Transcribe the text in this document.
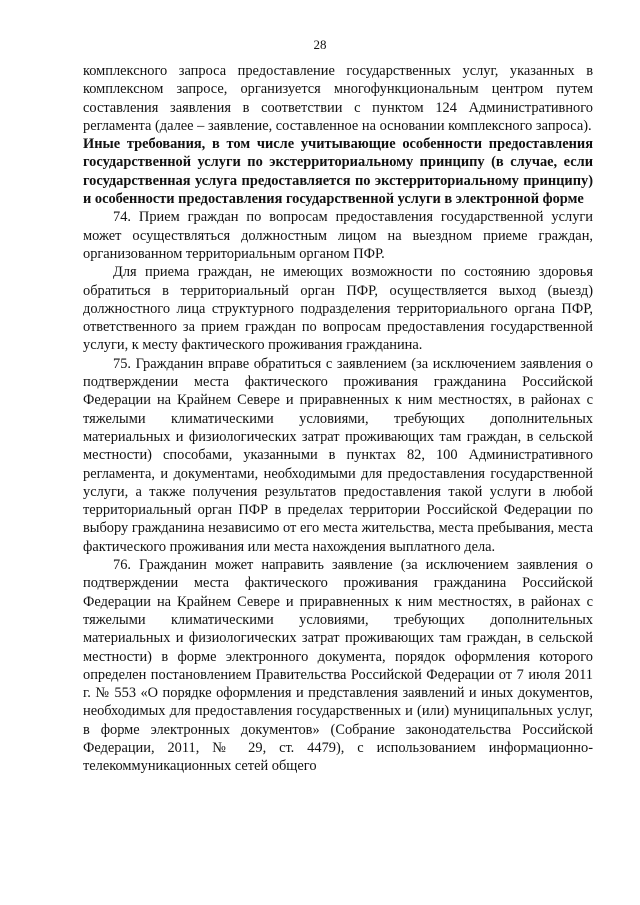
28

комплексного запроса предоставление государственных услуг, указанных в комплексном запросе, организуется многофункциональным центром путем составления заявления в соответствии с пунктом 124 Административного регламента (далее – заявление, составленное на основании комплексного запроса).

Иные требования, в том числе учитывающие особенности предоставления государственной услуги по экстерриториальному принципу (в случае, если государственная услуга предоставляется по экстерриториальному принципу) и особенности предоставления государственной услуги в электронной форме

74. Прием граждан по вопросам предоставления государственной услуги может осуществляться должностным лицом на выездном приеме граждан, организованном территориальным органом ПФР.

Для приема граждан, не имеющих возможности по состоянию здоровья обратиться в территориальный орган ПФР, осуществляется выход (выезд) должностного лица структурного подразделения территориального органа ПФР, ответственного за прием граждан по вопросам предоставления государственной услуги, к месту фактического проживания гражданина.

75. Гражданин вправе обратиться с заявлением (за исключением заявления о подтверждении места фактического проживания гражданина Российской Федерации на Крайнем Севере и приравненных к ним местностях, в районах с тяжелыми климатическими условиями, требующих дополнительных материальных и физиологических затрат проживающих там граждан, в сельской местности) способами, указанными в пунктах 82, 100 Административного регламента, и документами, необходимыми для предоставления государственной услуги, а также получения результатов предоставления такой услуги в любой территориальный орган ПФР в пределах территории Российской Федерации по выбору гражданина независимо от его места жительства, места пребывания, места фактического проживания или места нахождения выплатного дела.

76. Гражданин может направить заявление (за исключением заявления о подтверждении места фактического проживания гражданина Российской Федерации на Крайнем Севере и приравненных к ним местностях, в районах с тяжелыми климатическими условиями, требующих дополнительных материальных и физиологических затрат проживающих там граждан, в сельской местности) в форме электронного документа, порядок оформления которого определен постановлением Правительства Российской Федерации от 7 июля 2011 г. № 553 «О порядке оформления и представления заявлений и иных документов, необходимых для предоставления государственных и (или) муниципальных услуг, в форме электронных документов» (Собрание законодательства Российской Федерации, 2011, № 29, ст. 4479), с использованием информационно-телекоммуникационных сетей общего
